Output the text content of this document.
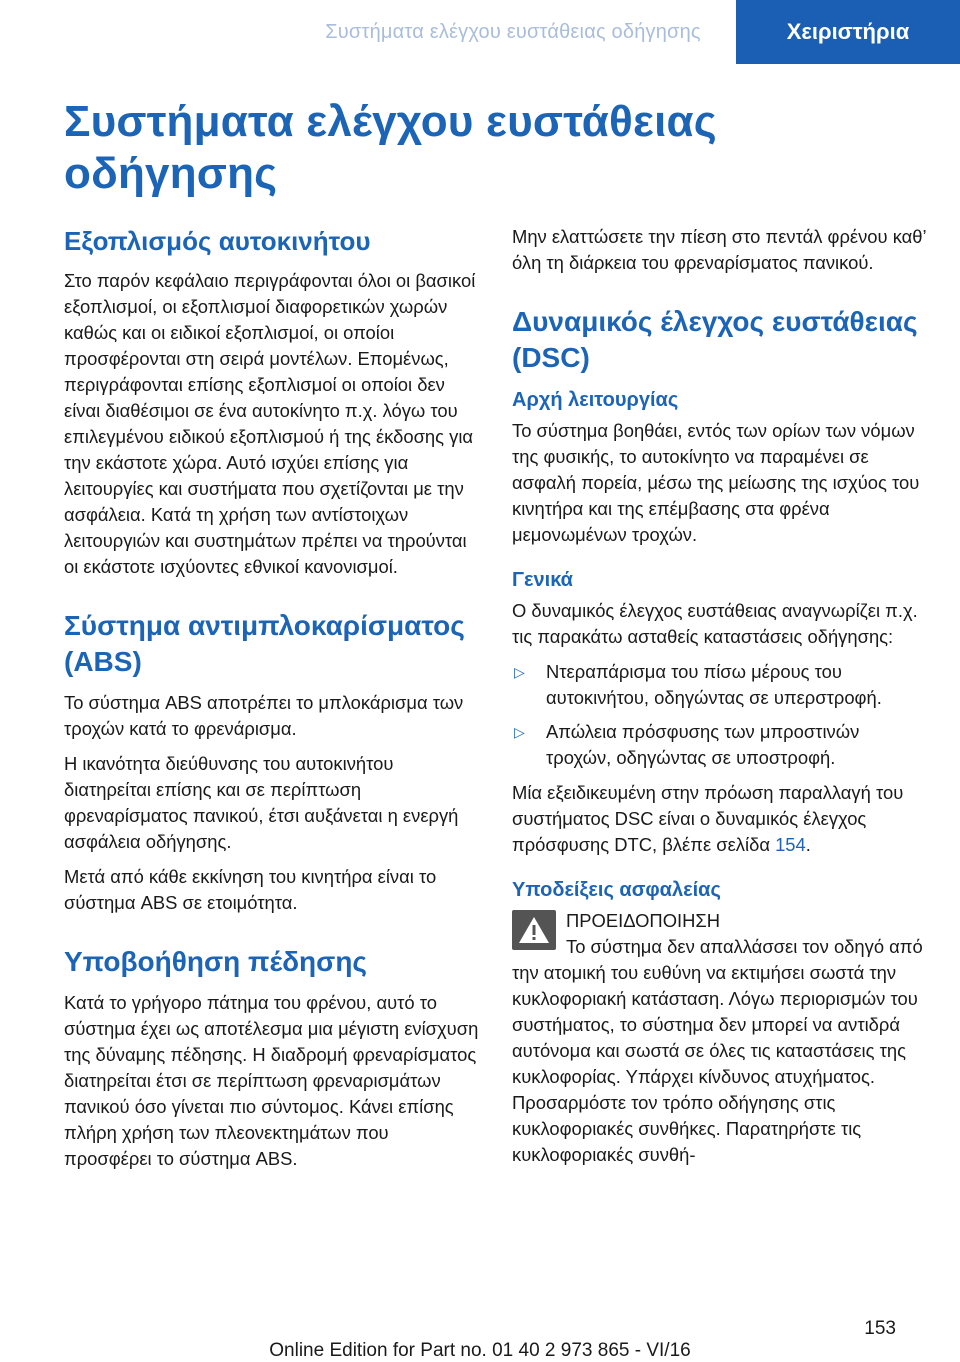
Συστήματα ελέγχου ευστάθειας οδήγησης	Χειριστήρια
Συστήματα ελέγχου ευστάθειας οδήγησης
Εξοπλισμός αυτοκινήτου

Στο παρόν κεφάλαιο περιγράφονται όλοι οι βασικοί εξοπλισμοί, οι εξοπλισμοί διαφορετικών χωρών καθώς και οι ειδικοί εξοπλισμοί, οι οποίοι προσφέρονται στη σειρά μοντέλων. Επομένως, περιγράφονται επίσης εξοπλισμοί οι οποίοι δεν είναι διαθέσιμοι σε ένα αυτοκίνητο π.χ. λόγω του επιλεγμένου ειδικού εξοπλισμού ή της έκδοσης για την εκάστοτε χώρα. Αυτό ισχύει επίσης για λειτουργίες και συστήματα που σχετίζονται με την ασφάλεια. Κατά τη χρήση των αντίστοιχων λειτουργιών και συστημάτων πρέπει να τηρούνται οι εκάστοτε ισχύοντες εθνικοί κανονισμοί.

Σύστημα αντιμπλοκαρίσματος (ABS)

Το σύστημα ABS αποτρέπει το μπλοκάρισμα των τροχών κατά το φρενάρισμα.

Η ικανότητα διεύθυνσης του αυτοκινήτου διατηρείται επίσης και σε περίπτωση φρεναρίσματος πανικού, έτσι αυξάνεται η ενεργή ασφάλεια οδήγησης.

Μετά από κάθε εκκίνηση του κινητήρα είναι το σύστημα ABS σε ετοιμότητα.

Υποβοήθηση πέδησης

Κατά το γρήγορο πάτημα του φρένου, αυτό το σύστημα έχει ως αποτέλεσμα μια μέγιστη ενίσχυση της δύναμης πέδησης. Η διαδρομή φρεναρίσματος διατηρείται έτσι σε περίπτωση φρεναρισμάτων πανικού όσο γίνεται πιο σύντομος. Κάνει επίσης πλήρη χρήση των πλεονεκτημάτων που προσφέρει το σύστημα ABS.

Μην ελαττώσετε την πίεση στο πεντάλ φρένου καθ’ όλη τη διάρκεια του φρεναρίσματος πανικού.

Δυναμικός έλεγχος ευστάθειας (DSC)
Αρχή λειτουργίας

Το σύστημα βοηθάει, εντός των ορίων των νόμων της φυσικής, το αυτοκίνητο να παραμένει σε ασφαλή πορεία, μέσω της μείωσης της ισχύος του κινητήρα και της επέμβασης στα φρένα μεμονωμένων τροχών.

Γενικά

Ο δυναμικός έλεγχος ευστάθειας αναγνωρίζει π.χ. τις παρακάτω ασταθείς καταστάσεις οδήγησης:

▷ Ντεραπάρισμα του πίσω μέρους του αυτοκινήτου, οδηγώντας σε υπερστροφή.
▷ Απώλεια πρόσφυσης των μπροστινών τροχών, οδηγώντας σε υποστροφή.

Μία εξειδικευμένη στην πρόωση παραλλαγή του συστήματος DSC είναι ο δυναμικός έλεγχος πρόσφυσης DTC, βλέπε σελίδα 154.

Υποδείξεις ασφαλείας
ΠΡΟΕΙΔΟΠΟΙΗΣΗ

Το σύστημα δεν απαλλάσσει τον οδηγό από την ατομική του ευθύνη να εκτιμήσει σωστά την κυκλοφοριακή κατάσταση. Λόγω περιορισμών του συστήματος, το σύστημα δεν μπορεί να αντιδρά αυτόνομα και σωστά σε όλες τις καταστάσεις της κυκλοφορίας. Υπάρχει κίνδυνος ατυχήματος. Προσαρμόστε τον τρόπο οδήγησης στις κυκλοφοριακές συνθήκες. Παρατηρήστε τις κυκλοφοριακές συνθή-

153
Online Edition for Part no. 01 40 2 973 865 - VI/16
